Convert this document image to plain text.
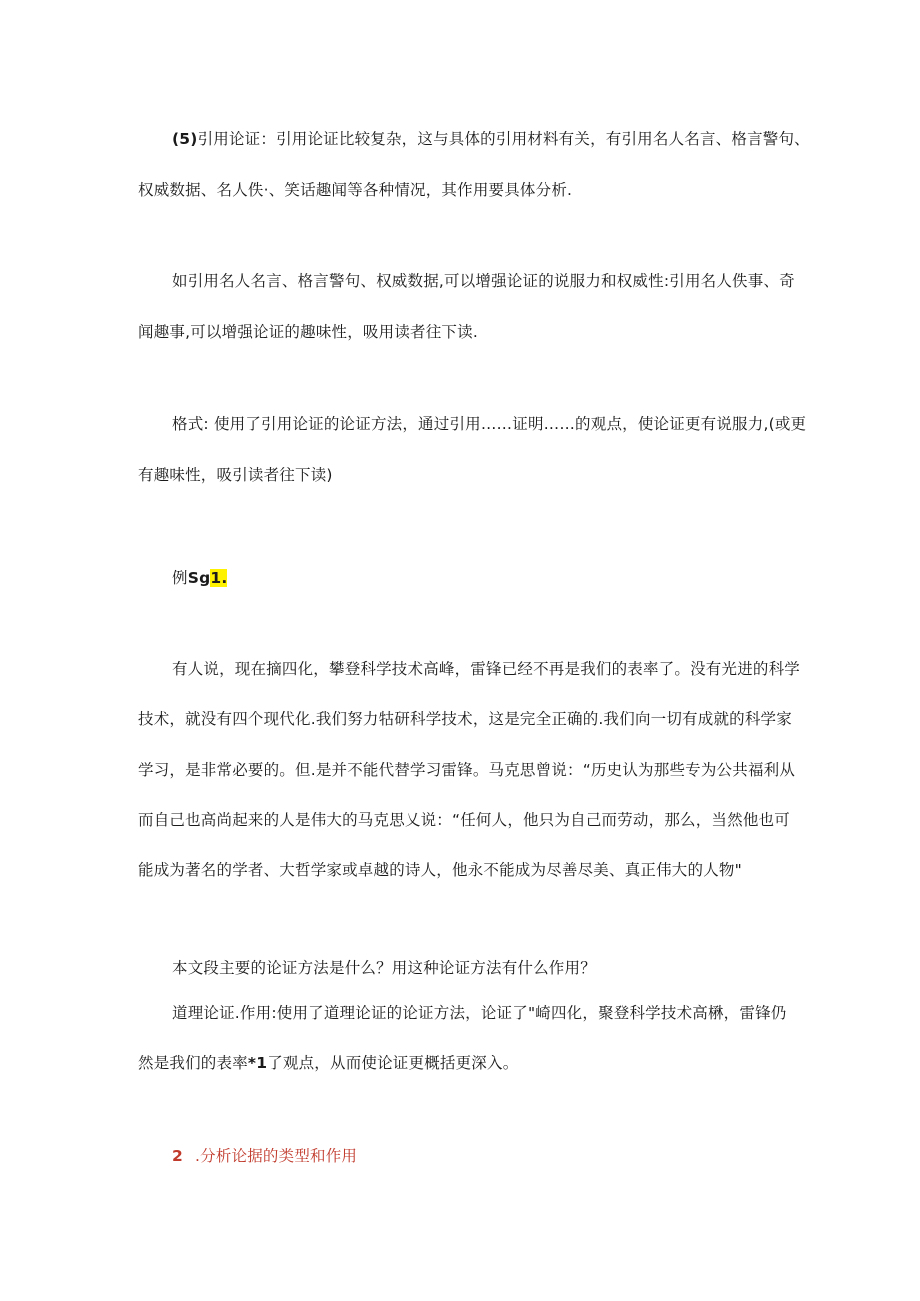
(5)引用论证：引用论证比较复杂，这与具体的引用材料有关，有引用名人名言、格言警句、
权威数据、名人佚·、笑话趣闻等各种情况，其作用要具体分析.
如引用名人名言、格言警句、权威数据,可以增强论证的说服力和权威性:引用名人佚事、奇
闻趣事,可以增强论证的趣味性，吸用读者往下读.
格式: 使用了引用论证的论证方法，通过引用……证明……的观点，使论证更有说服力,(或更
有趣味性，吸引读者往下读)
例Sg1.
有人说，现在摘四化，攀登科学技术高峰，雷锋已经不再是我们的表率了。没有光进的科学
技术，就没有四个现代化.我们努力牯研科学技术，这是完全正确的.我们向一切有成就的科学家
学习，是非常必要的。但.是并不能代替学习雷锋。马克思曾说：“历史认为那些专为公共福利从
而自己也高尚起来的人是伟大的马克思乂说：“任何人，他只为自己而劳动，那么，当然他也可
能成为著名的学者、大哲学家或卓越的诗人，他永不能成为尽善尽美、真正伟大的人物"
本文段主要的论证方法是什么？用这种论证方法有什么作用？
道理论证.作用:使用了道理论证的论证方法，论证了"崎四化，聚登科学技术高楙，雷锋仍
然是我们的表率*1了观点，从而使论证更概括更深入。
2 .分析论据的类型和作用
